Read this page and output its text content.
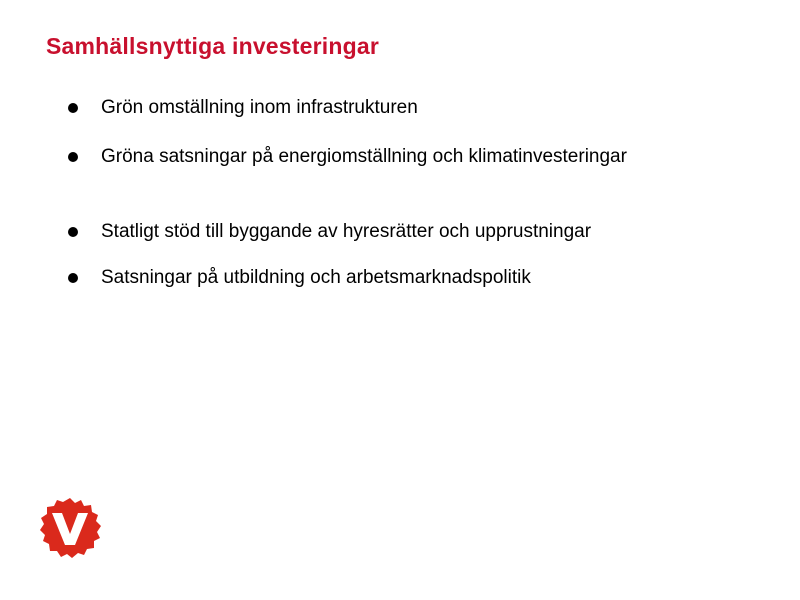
Samhällsnyttiga investeringar
Grön omställning inom infrastrukturen
Gröna satsningar på energiomställning och klimatinvesteringar
Statligt stöd till byggande av hyresrätter och upprustningar
Satsningar på utbildning och arbetsmarknadspolitik
